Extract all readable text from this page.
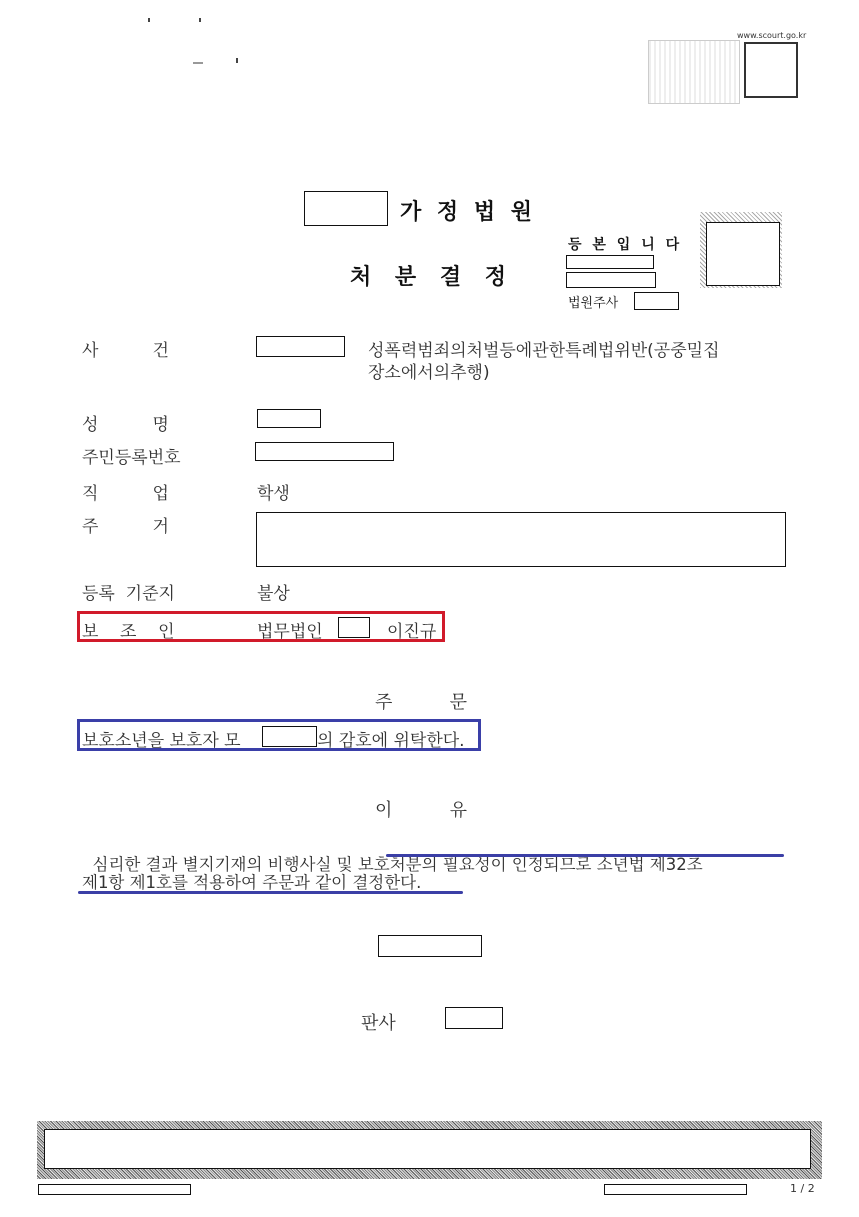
www.scourt.go.kr
가 정 법 원
등 본 입 니 다
처 분 결 정
법원주사
사          건	성폭력범죄의처벌등에관한특례법위반(공중밀집
장소에서의추행)
성          명
주민등록번호
직          업	학생
주          거
등록  기준지	불상
보    조    인	법무법인	이진규
주          문
보호소년을 보호자 모	의 감호에 위탁한다.
이          유

심리한 결과 별지기재의 비행사실 및 보호처분의 필요성이 인정되므로 소년법 제32조

제1항 제1호를 적용하여 주문과 같이 결정한다.
판사
1 / 2
